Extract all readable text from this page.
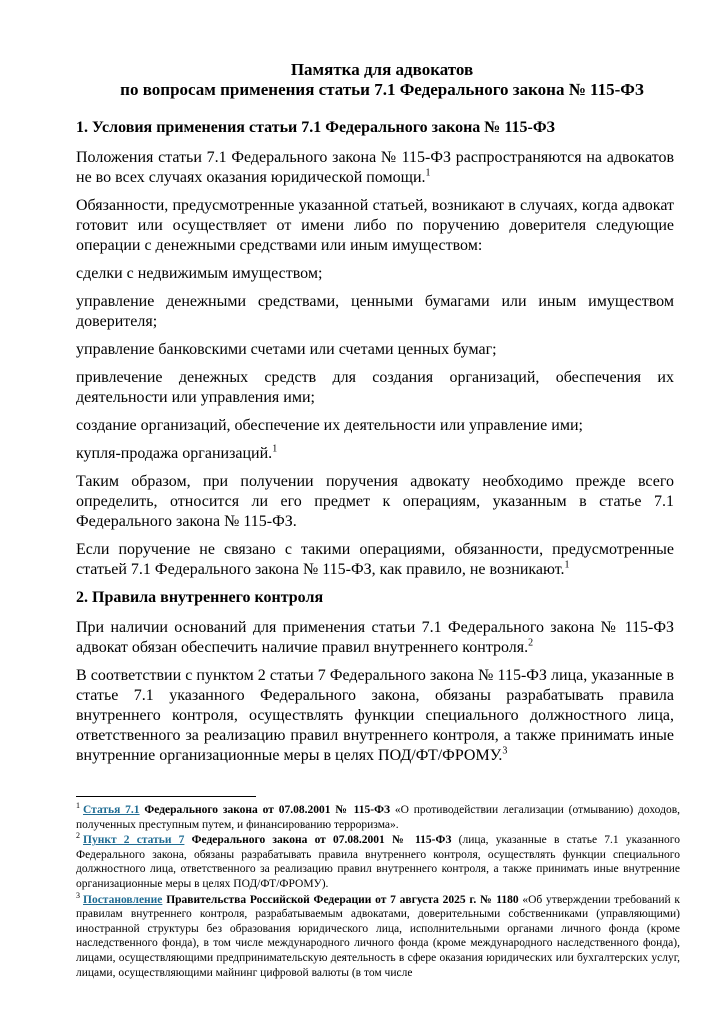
Памятка для адвокатов
по вопросам применения статьи 7.1 Федерального закона № 115-ФЗ
1. Условия применения статьи 7.1 Федерального закона № 115-ФЗ
Положения статьи 7.1 Федерального закона № 115-ФЗ распространяются на адвокатов не во всех случаях оказания юридической помощи.$^1$
Обязанности, предусмотренные указанной статьей, возникают в случаях, когда адвокат готовит или осуществляет от имени либо по поручению доверителя следующие операции с денежными средствами или иным имуществом:
сделки с недвижимым имуществом;
управление денежными средствами, ценными бумагами или иным имуществом доверителя;
управление банковскими счетами или счетами ценных бумаг;
привлечение денежных средств для создания организаций, обеспечения их деятельности или управления ими;
создание организаций, обеспечение их деятельности или управление ими;
купля-продажа организаций.$^1$
Таким образом, при получении поручения адвокату необходимо прежде всего определить, относится ли его предмет к операциям, указанным в статье 7.1 Федерального закона № 115-ФЗ.
Если поручение не связано с такими операциями, обязанности, предусмотренные статьей 7.1 Федерального закона № 115-ФЗ, как правило, не возникают.$^1$
2. Правила внутреннего контроля
При наличии оснований для применения статьи 7.1 Федерального закона № 115-ФЗ адвокат обязан обеспечить наличие правил внутреннего контроля.$^2$
В соответствии с пунктом 2 статьи 7 Федерального закона № 115-ФЗ лица, указанные в статье 7.1 указанного Федерального закона, обязаны разрабатывать правила внутреннего контроля, осуществлять функции специального должностного лица, ответственного за реализацию правил внутреннего контроля, а также принимать иные внутренние организационные меры в целях ПОД/ФТ/ФРОМУ.$^3$
$^1$ Статья 7.1 Федерального закона от 07.08.2001 № 115-ФЗ «О противодействии легализации (отмыванию) доходов, полученных преступным путем, и финансированию терроризма».
$^2$ Пункт 2 статьи 7 Федерального закона от 07.08.2001 № 115-ФЗ (лица, указанные в статье 7.1 указанного Федерального закона, обязаны разрабатывать правила внутреннего контроля, осуществлять функции специального должностного лица, ответственного за реализацию правил внутреннего контроля, а также принимать иные внутренние организационные меры в целях ПОД/ФТ/ФРОМУ).
$^3$ Постановление Правительства Российской Федерации от 7 августа 2025 г. № 1180 «Об утверждении требований к правилам внутреннего контроля, разрабатываемым адвокатами, доверительными собственниками (управляющими) иностранной структуры без образования юридического лица, исполнительными органами личного фонда (кроме наследственного фонда), в том числе международного личного фонда (кроме международного наследственного фонда), лицами, осуществляющими предпринимательскую деятельность в сфере оказания юридических или бухгалтерских услуг, лицами, осуществляющими майнинг цифровой валюты (в том числе
